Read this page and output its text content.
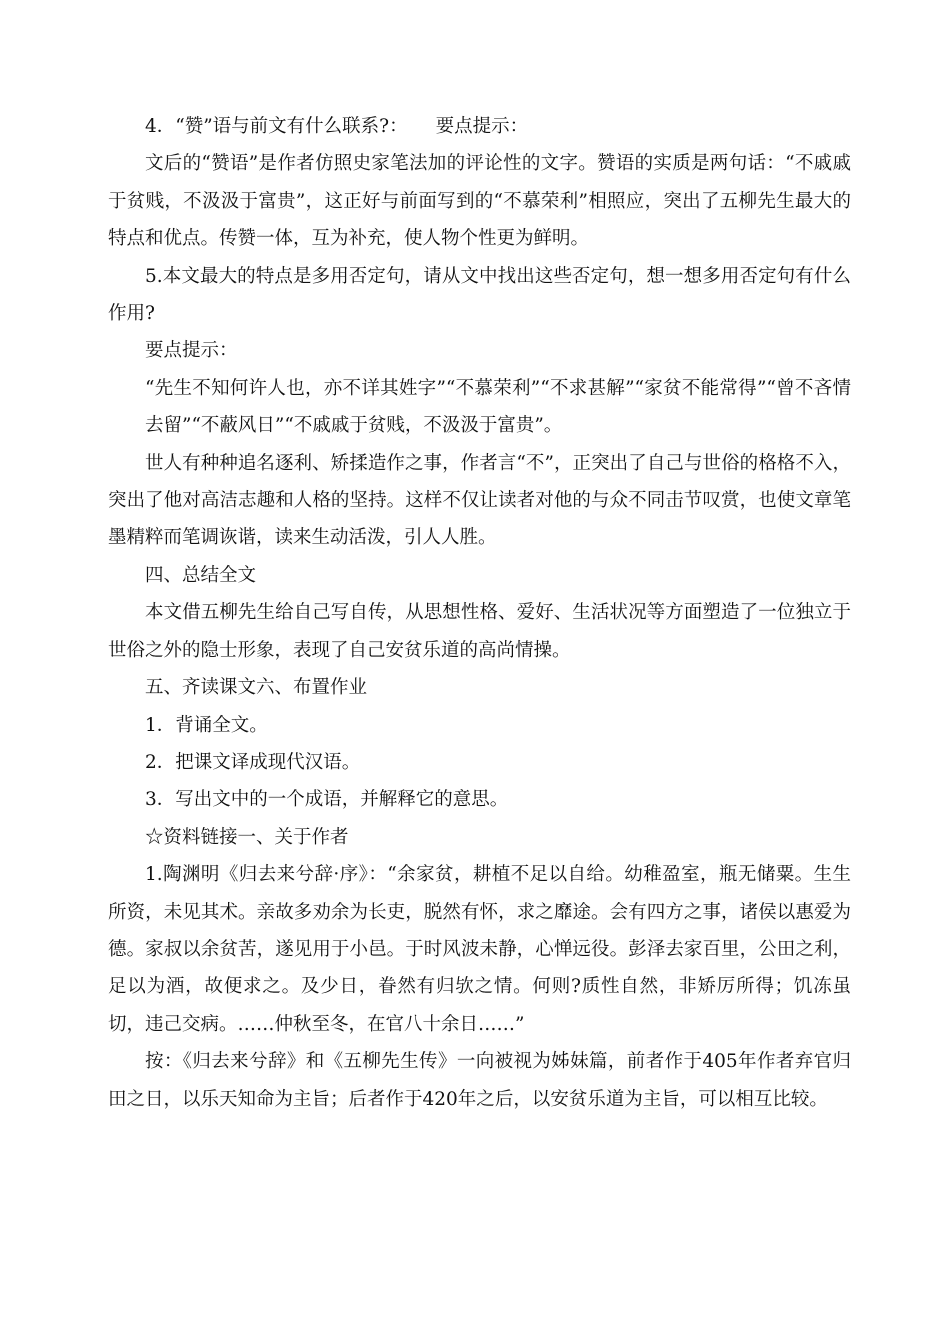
4．“赞”语与前文有什么联系?： 要点提示：

文后的“赞语”是作者仿照史家笔法加的评论性的文字。赞语的实质是两句话：“不戚戚于贫贱，不汲汲于富贵”，这正好与前面写到的“不慕荣利”相照应，突出了五柳先生最大的特点和优点。传赞一体，互为补充，使人物个性更为鲜明。

5.本文最大的特点是多用否定句，请从文中找出这些否定句，想一想多用否定句有什么作用?

要点提示：

“先生不知何许人也，亦不详其姓字”“不慕荣利”“不求甚解”“家贫不能常得”“曾不吝情去留”“不蔽风日”“不戚戚于贫贱，不汲汲于富贵”。

世人有种种追名逐利、矫揉造作之事，作者言“不”，正突出了自己与世俗的格格不入，突出了他对高洁志趣和人格的坚持。这样不仅让读者对他的与众不同击节叹赏，也使文章笔墨精粹而笔调诙谐，读来生动活泼，引人人胜。

四、总结全文

本文借五柳先生给自己写自传，从思想性格、爱好、生活状况等方面塑造了一位独立于世俗之外的隐士形象，表现了自己安贫乐道的高尚情操。

五、齐读课文六、布置作业

1．背诵全文。

2．把课文译成现代汉语。

3．写出文中的一个成语，并解释它的意思。

☆资料链接一、关于作者

1.陶渊明《归去来兮辞·序》：“余家贫，耕植不足以自给。幼稚盈室，瓶无储粟。生生所资，未见其术。亲故多劝余为长吏，脱然有怀，求之靡途。会有四方之事，诸侯以惠爱为德。家叔以余贫苦，遂见用于小邑。于时风波未静，心惮远役。彭泽去家百里，公田之利，足以为酒，故便求之。及少日，眷然有归欤之情。何则?质性自然，非矫厉所得；饥冻虽切，违己交病。……仲秋至冬，在官八十余日……”

按：《归去来兮辞》和《五柳先生传》一向被视为姊妹篇，前者作于405年作者弃官归田之日，以乐天知命为主旨；后者作于420年之后，以安贫乐道为主旨，可以相互比较。
